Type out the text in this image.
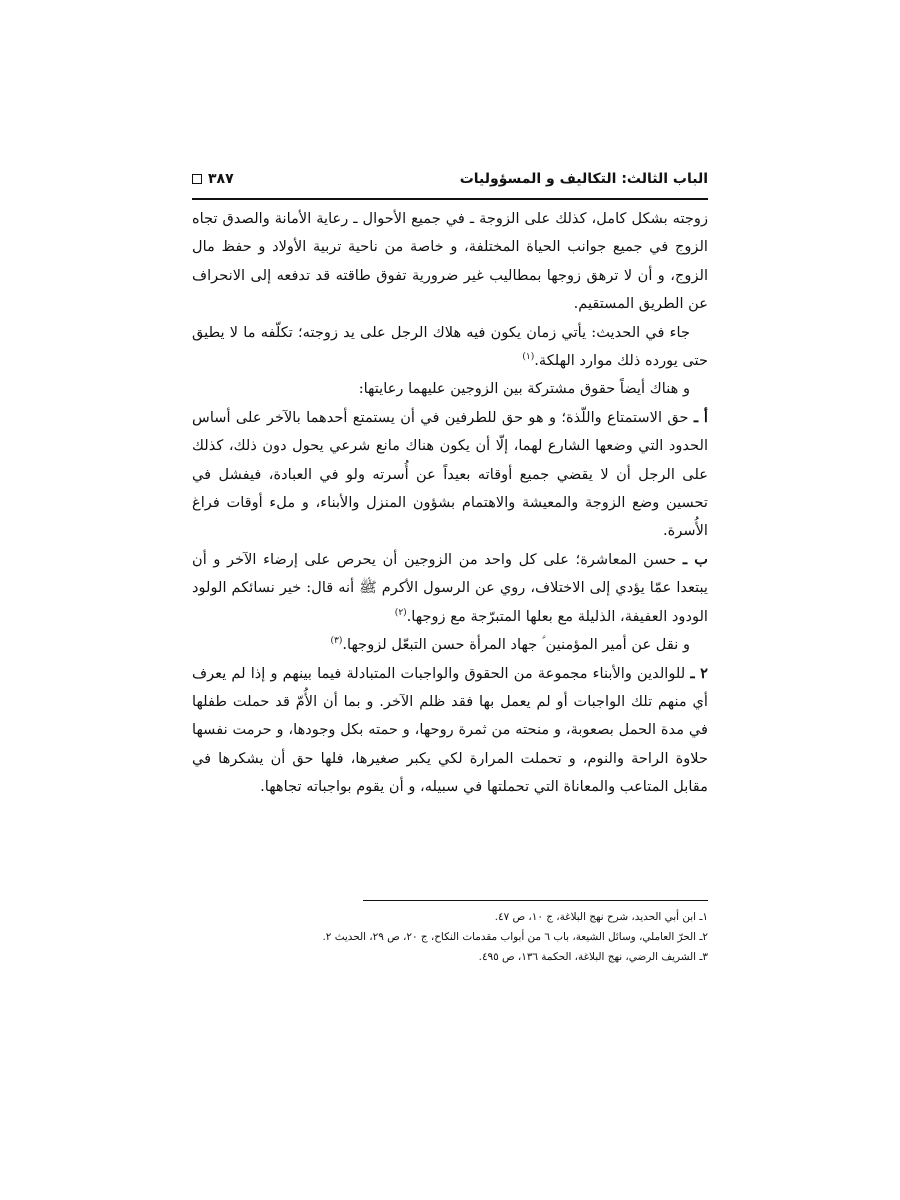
الباب الثالث: التكاليف و المسؤوليات
٣٨٧

زوجته بشكل كامل، كذلك على الزوجة ـ في جميع الأحوال ـ رعاية الأمانة والصدق تجاه الزوج في جميع جوانب الحياة المختلفة، و خاصة من ناحية تربية الأولاد و حفظ مال الزوج، و أن لا ترهق زوجها بمطاليب غير ضرورية تفوق طاقته قد تدفعه إلى الانحراف عن الطريق المستقيم.

جاء في الحديث: يأتي زمان يكون فيه هلاك الرجل على يد زوجته؛ تكلّفه ما لا يطيق حتى يورده ذلك موارد الهلكة.$^{(١)}$

و هناك أيضاً حقوق مشتركة بين الزوجين عليهما رعايتها:

أ ـ حق الاستمتاع واللّذة؛ و هو حق للطرفين في أن يستمتع أحدهما بالآخر على أساس الحدود التي وضعها الشارع لهما، إلّا أن يكون هناك مانع شرعي يحول دون ذلك، كذلك على الرجل أن لا يقضي جميع أوقاته بعيداً عن أُسرته ولو في العبادة، فيفشل في تحسين وضع الزوجة والمعيشة والاهتمام بشؤون المنزل والأبناء، و ملء أوقات فراغ الأُسرة.

ب ـ حسن المعاشرة؛ على كل واحد من الزوجين أن يحرص على إرضاء الآخر و أن يبتعدا عمّا يؤدي إلى الاختلاف، روي عن الرسول الأكرم ﷺ أنه قال: خير نسائكم الولود الودود العفيفة، الذليلة مع بعلها المتبرّجة مع زوجها.$^{(٢)}$

و نقل عن أمير المؤمنين ؑ جهاد المرأة حسن التبعّل لزوجها.$^{(٣)}$

٢ ـ للوالدين والأبناء مجموعة من الحقوق والواجبات المتبادلة فيما بينهم و إذا لم يعرف أي منهم تلك الواجبات أو لم يعمل بها فقد ظلم الآخر. و بما أن الأُمّ قد حملت طفلها في مدة الحمل بصعوبة، و منحته من ثمرة روحها، و حمته بكل وجودها، و حرمت نفسها حلاوة الراحة والنوم، و تحملت المرارة لكي يكبر صغيرها، فلها حق أن يشكرها في مقابل المتاعب والمعاناة التي تحملتها في سبيله، و أن يقوم بواجباته تجاهها.

١ـ ابن أبي الحديد، شرح نهج البلاغة، ج ١٠، ص ٤٧.
٢ـ الحرّ العاملي، وسائل الشيعة، باب ٦ من أبواب مقدمات النكاح، ج ٢٠، ص ٢٩، الحديث ٢.
٣ـ الشريف الرضي، نهج البلاغة، الحكمة ١٣٦، ص ٤٩٥.
